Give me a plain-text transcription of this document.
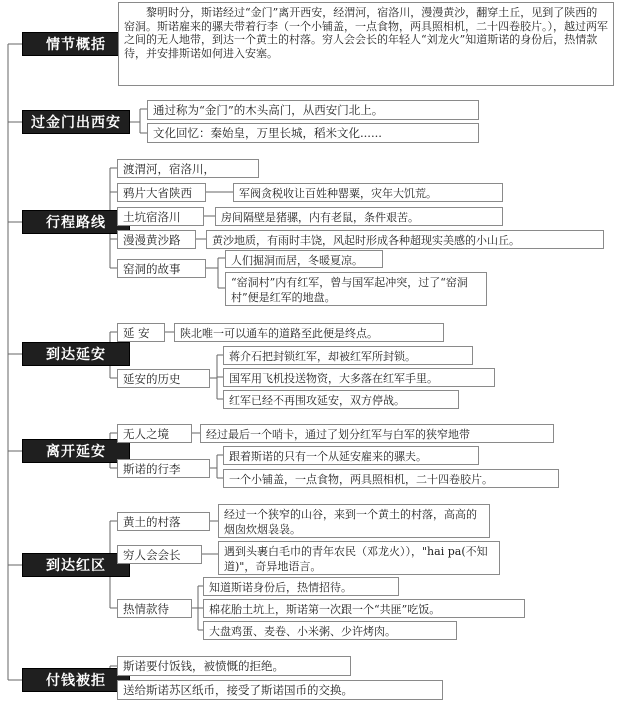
情节概括
过金门出西安
行程路线
到达延安
离开延安
到达红区
付钱被拒
黎明时分，斯诺经过“金门”离开西安，经渭河，宿洛川，漫漫黄沙，翻穿土丘，见到了陕西的窑洞。斯诺雇来的骡夫带着行李（一个小铺盖，一点食物，两具照相机，二十四卷胶片。），越过两军之间的无人地带，到达一个黄土的村落。穷人会会长的年轻人“刘龙火”知道斯诺的身份后，热情款待，并安排斯诺如何进入安塞。
通过称为“金门”的木头高门，从西安门北上。
文化回忆：秦始皇，万里长城，稻米文化......
渡渭河，宿洛川，
鸦片大省陕西	军阀贪税收让百姓种罂粟，灾年大饥荒。
土坑宿洛川	房间隔壁是猪骡，内有老鼠，条件艰苦。
漫漫黄沙路	黄沙地质，有雨时丰饶，风起时形成各种超现实美感的小山丘。
窑洞的故事
人们掘洞而居，冬暖夏凉。
“窑洞村”内有红军，曾与国军起冲突，过了“窑洞村”便是红军的地盘。
延 安	陕北唯一可以通车的道路至此便是终点。
延安的历史
蒋介石把封锁红军，却被红军所封锁。
国军用飞机投送物资，大多落在红军手里。
红军已经不再围攻延安，双方停战。
无人之境	经过最后一个哨卡，通过了划分红军与白军的狭窄地带
斯诺的行李
跟着斯诺的只有一个从延安雇来的骡夫。
一个小铺盖，一点食物，两具照相机，二十四卷胶片。
黄土的村落
经过一个狭窄的山谷，来到一个黄土的村落，高高的烟囱炊烟袅袅。
穷人会会长	遇到头裹白毛巾的青年农民（邓龙火）），"hai pa(不知道)"，奇异地语言。
热情款待
知道斯诺身份后，热情招待。
棉花胎土坑上，斯诺第一次跟一个“共匪”吃饭。
大盘鸡蛋、麦卷、小米粥、少许烤肉。
斯诺要付饭钱，被愤慨的拒绝。
送给斯诺苏区纸币，接受了斯诺国币的交换。
